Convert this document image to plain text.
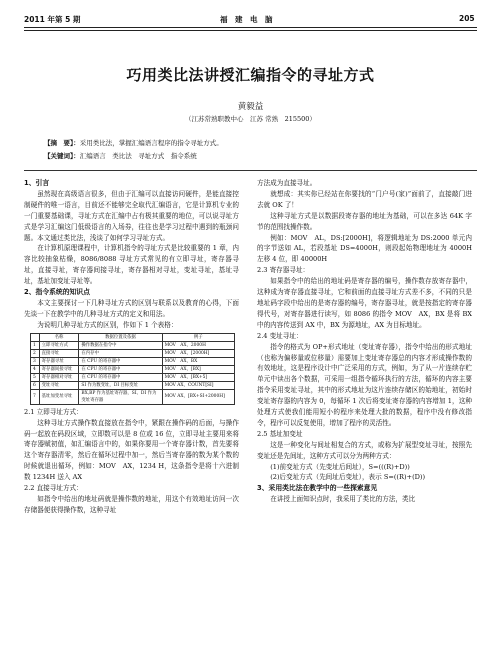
2011 年第 5 期	福　建　电　脑	205
巧用类比法讲授汇编指令的寻址方式
黄毅益
（江苏常熟职教中心　江苏 常熟　215500）
【摘　要】：采用类比法，掌握汇编语言程序的指令寻址方式。
【关键词】：汇编语言　类比法　寻址方式　指令系统
1、引言

虽然现在高级语言很多，但由于汇编可以直接访问硬件，是能直接控制硬件的唯一语言，目前还不能够完全取代汇编语言，它是计算机专业的一门重要基础课，寻址方式在汇编中占有极其重要的地位，可以说寻址方式是学习汇编这门低级语言的入场券，往往也是学习过程中遇到的瓶颈问题。本文通过类比法，浅谈了如何学习寻址方式。

在计算机原理课程中，计算机指令的寻址方式是比较重要的 1 章，内容比较抽象枯燥，8086/8088 寻址方式常见的有立即寻址，寄存器寻址，直接寻址，寄存器间接寻址，寄存器相对寻址，变址寻址，基址寻址，基址加变址寻址等。

2、指令系统的知识点

本文主要探讨一下几种寻址方式的区别与联系以及教育的心得，下面先谈一下在教学中的几种寻址方式的定义和用法。

为说明几种寻址方式的区别，作如下 1 个表格：

	名称	数据位置及依据	例子
1	立即寻址方式	操作数据在指令中	MOV　AX，2000H
2	直接寻址	在内存中	MOV　AX，[2000H]
3	寄存器寻址	在 CPU 的寄存器中	MOV　AX，BX
4	寄存器间接寻址	在 CPU 的寄存器中	MOV　AX，[BX]
5	寄存器相对寻址	在 CPU 的寄存器中	MOV　AX，[BX+5]
6	变址寻址	SI 作为数变址，DI 目标变址	MOV AX，COUNT[SI]
7	基址加变址寻址	BX,BP 作为基址寄存器，SI、DI 作为变址寄存器	MOV AX，[BX+SI+2000H]
2.1 立即寻址方式：

这种寻址方式操作数直接放在指令中，紧跟在操作码的后面，与操作码一起放在码段区域，立即数可以是 8 位或 16 位，立即寻址主要用来将寄存器赋初值，如汇编语言中的，如果你要用一个寄存器计数，首先要将这个寄存器清零，然后在循环过程中加一，然后当寄存器的数为某个数的时候就退出循环，例如：MOV　AX，1234 H，这条指令是将十六进制数 1234H 送入 AX

2.2 直接寻址方式：

如指令中给出的地址码就是操作数的地址，用这个有效地址访问一次存储器便获得操作数，这种寻址

方法成为直接寻址。

就想成：其实你已经站在你要找的“门户号(家)”面前了，直接敲门进去就 OK 了！

这种寻址方式是以数据段寄存器的地址为基础，可以在多达 64K 字节的范围找操作数。

例如：MOV　AL，DS:[2000H]，将逻辑地址为 DS:2000 单元内的字节送如 AL，若段基址 DS=4000H，则段起始物理地址为 4000H 左移 4 位，即 40000H

2.3 寄存器寻址：

如果指令中的给出的地址码是寄存器的编号，操作数存放寄存器中，这种成为寄存器直接寻址，它和前面的直接寻址方式差不多，不同的只是地址码字段中给出的是寄存器的编号，寄存器寻址，就是按指定的寄存器得代号，对寄存器进行读写，如 8086 的指令 MOV　AX，BX 是将 BX 中的内容传送到 AX 中，BX 为源地址，AX 为目标地址。

2.4 变址寻址：

指令的格式为 OP+形式地址（变址寄存器），指令中给出的形式地址（也称为偏移量或位移量）需要加上变址寄存器总的内容才形成操作数的有效地址，这是程序设计中广泛采用的方式，例如，为了从一片连续存贮单元中读出各个数据，可采用一组指令循环执行的方法，循环的内容主要指令采用变址寻址，其中的形式地址为这片连续存储区的始地址，初始时变址寄存器的内容为 0，每循环 1 次后将变址寄存器的内容增加 1，这种处理方式使我们能用短小的程序来处理大批的数据，程序中没有修改指令，程序可以反复使用，增加了程序的灵活性。

2.5 基址加变址

这是一种变化与间址相复合的方式，或称为扩展型变址寻址，按照先变址还是先间址，这种方式可以分为两种方式：

(1)前变址方式（先变址后间址），S=(((R)+D))

(2)后变址方式（先间址后变址），表示 S=((R)+(D))

3、采用类比法在教学中的一些探索意见

在讲授上面知识点时，我采用了类比的方法，类比
